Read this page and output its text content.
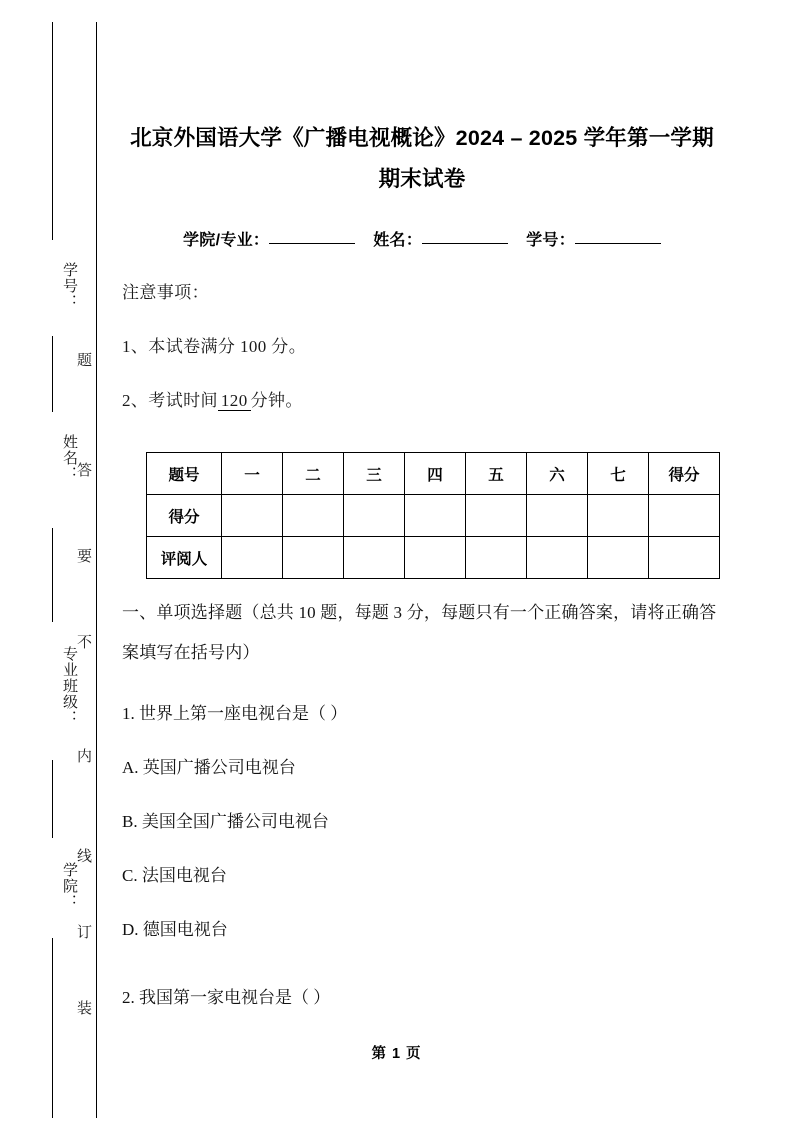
学号：
姓名：
专业班级：
学院：
题
答
要
不
内
线
订
装
北京外国语大学《广播电视概论》2024 – 2025 学年第一学期期末试卷
学院/专业：	姓名：	学号：

注意事项：

1、本试卷满分 100 分。

2、考试时间 120 分钟。

题号	一	二	三	四	五	六	七	得分
得分								
评阅人								

一、单项选择题（总共 10 题，每题 3 分，每题只有一个正确答案，请将正确答案填写在括号内）

1. 世界上第一座电视台是（ ）

A. 英国广播公司电视台

B. 美国全国广播公司电视台

C. 法国电视台

D. 德国电视台

2. 我国第一家电视台是（ ）

第 1 页
